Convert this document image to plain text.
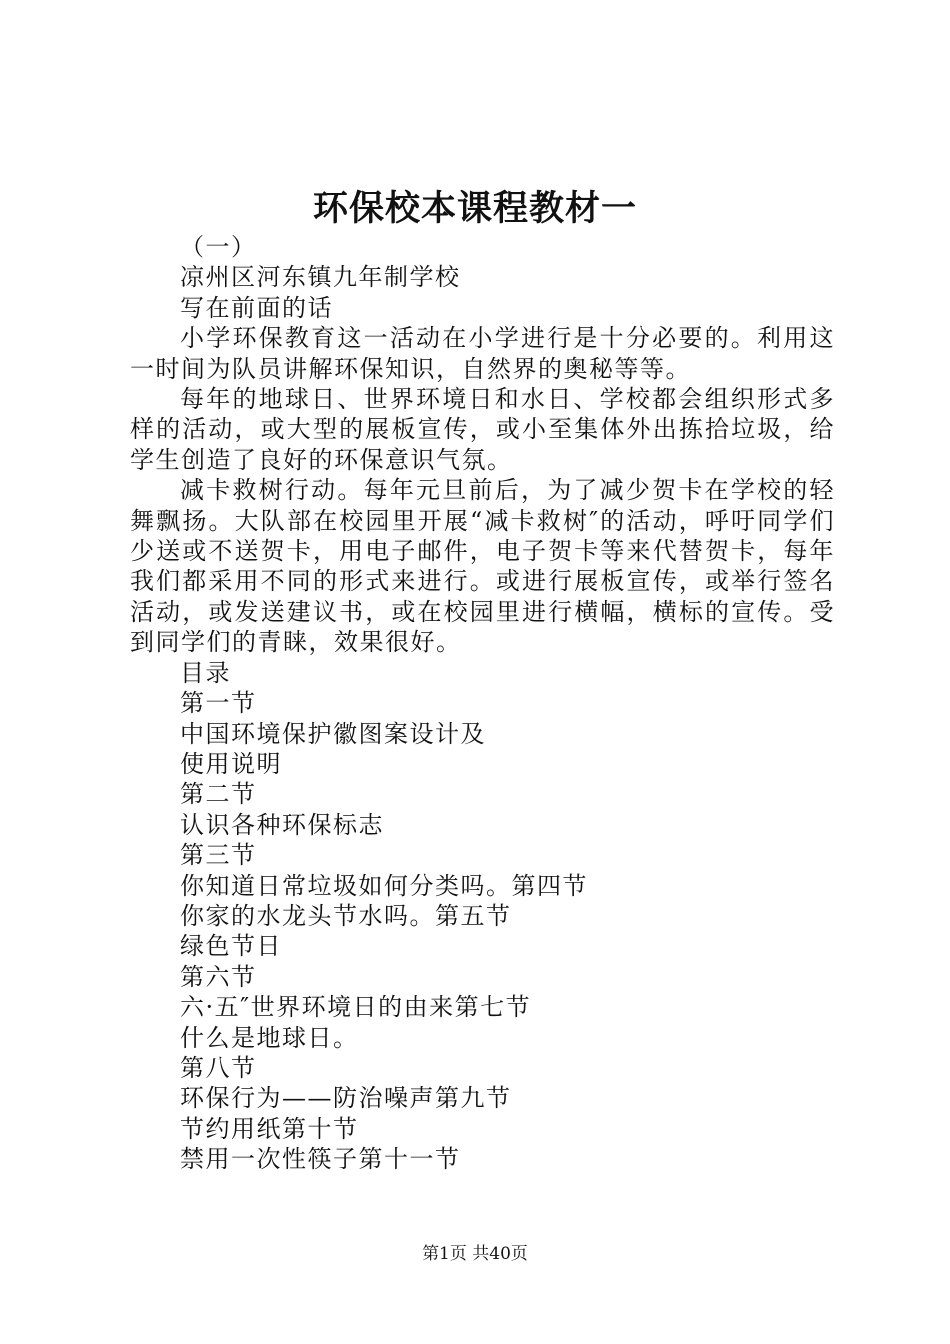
环保校本课程教材一

（一）

凉州区河东镇九年制学校

写在前面的话

小学环保教育这一活动在小学进行是十分必要的。利用这一时间为队员讲解环保知识，自然界的奥秘等等。

每年的地球日、世界环境日和水日、学校都会组织形式多样的活动，或大型的展板宣传，或小至集体外出拣拾垃圾，给学生创造了良好的环保意识气氛。

减卡救树行动。每年元旦前后，为了减少贺卡在学校的轻舞飘扬。大队部在校园里开展“减卡救树″的活动，呼吁同学们少送或不送贺卡，用电子邮件，电子贺卡等来代替贺卡，每年我们都采用不同的形式来进行。或进行展板宣传，或举行签名活动，或发送建议书，或在校园里进行横幅，横标的宣传。受到同学们的青睐，效果很好。

目录

第一节

中国环境保护徽图案设计及

使用说明

第二节

认识各种环保标志

第三节

你知道日常垃圾如何分类吗。第四节

你家的水龙头节水吗。第五节

绿色节日

第六节

六·五″世界环境日的由来第七节

什么是地球日。

第八节

环保行为——防治噪声第九节

节约用纸第十节

禁用一次性筷子第十一节

第1页 共40页
